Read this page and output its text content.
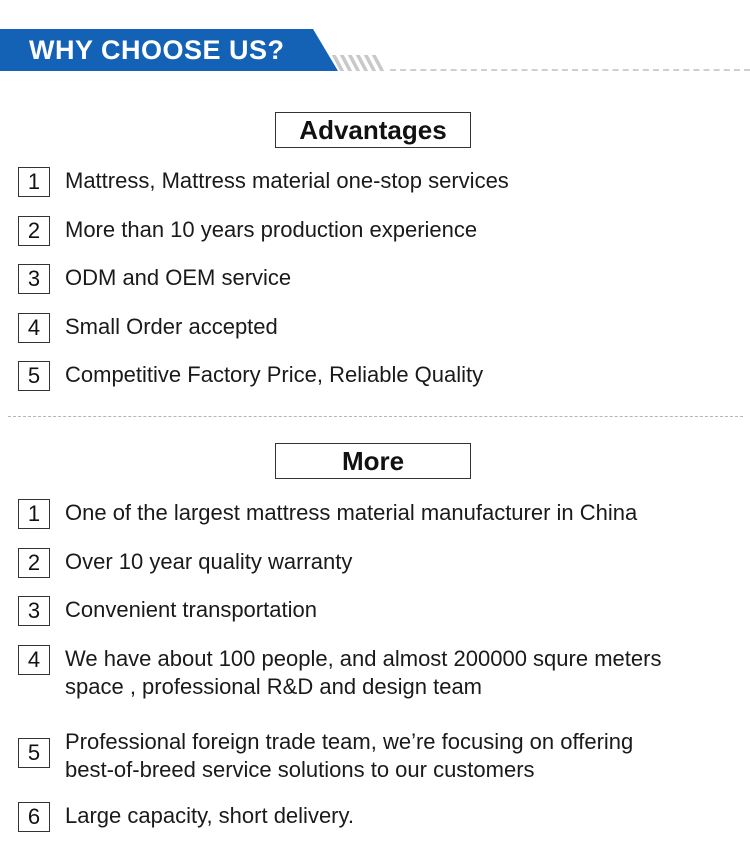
WHY CHOOSE US?
Advantages
1	Mattress, Mattress material one-stop services
2	More than 10 years production experience
3	ODM and OEM service
4	Small Order accepted
5	Competitive Factory Price, Reliable Quality
More
1	One of the largest mattress material manufacturer in China
2	Over 10 year quality warranty
3	Convenient transportation
4	We have about 100 people, and almost 200000 squre meters
space , professional R&D and design team
5	Professional foreign trade team, we’re focusing on offering
best-of-breed service solutions to our customers
6	Large capacity, short delivery.
